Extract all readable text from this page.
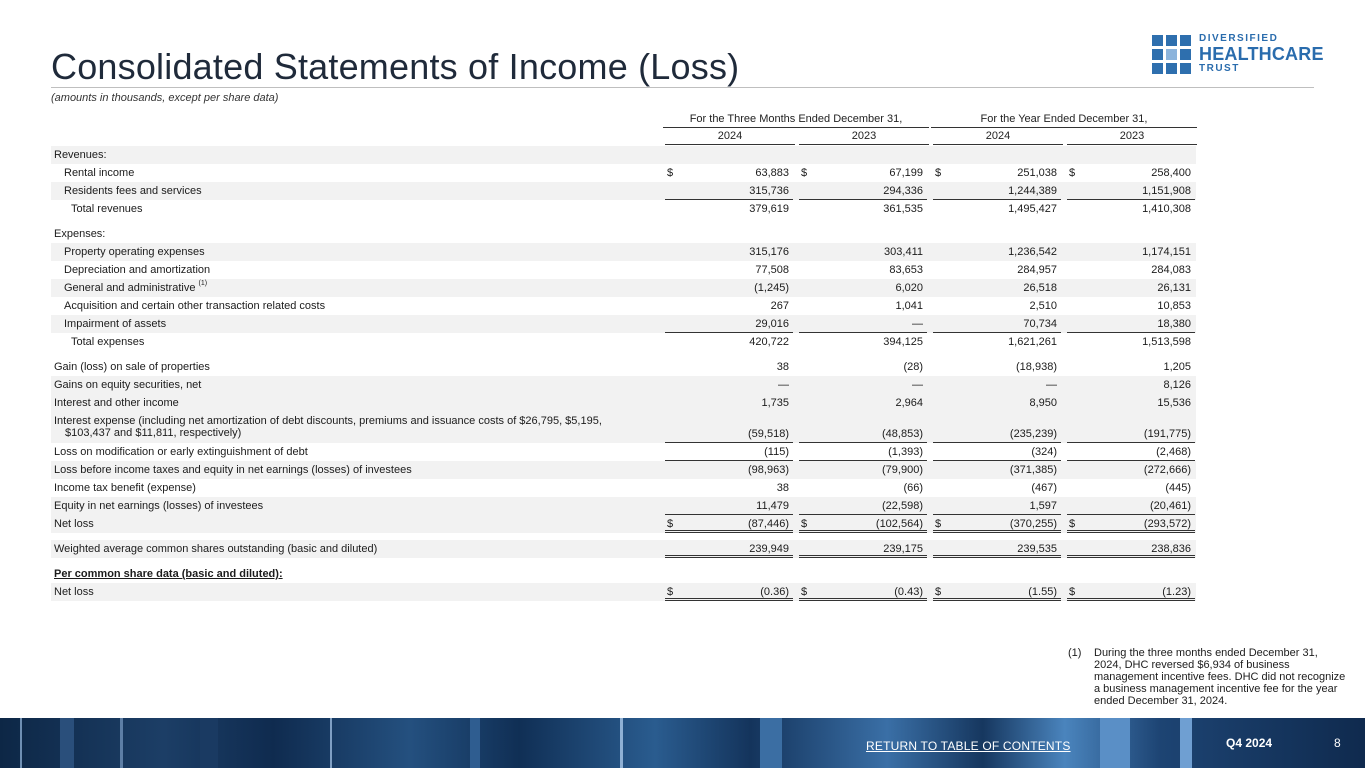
Consolidated Statements of Income (Loss)
(amounts in thousands, except per share data)
DIVERSIFIED
HEALTHCARE
TRUST
For the Three Months Ended December 31,	For the Year Ended December 31,
2024	2023	2024	2023
Revenues:
Rental income	$	63,883 $	67,199 $	251,038 $	258,400
Residents fees and services	315,736	294,336	1,244,389	1,151,908
Total revenues	379,619	361,535	1,495,427	1,410,308
Expenses:
Property operating expenses	315,176	303,411	1,236,542	1,174,151
Depreciation and amortization	77,508	83,653	284,957	284,083
General and administrative $^{(1)}$	(1,245)	6,020	26,518	26,131
Acquisition and certain other transaction related costs	267	1,041	2,510	10,853
Impairment of assets	29,016	—	70,734	18,380
Total expenses	420,722	394,125	1,621,261	1,513,598
Gain (loss) on sale of properties	38	(28)	(18,938)	1,205
Gains on equity securities, net	—	—	—	8,126
Interest and other income	1,735	2,964	8,950	15,536
Interest expense (including net amortization of debt discounts, premiums and issuance costs of $26,795, $5,195,
$103,437 and $11,811, respectively)	(59,518)	(48,853)	(235,239)	(191,775)
Loss on modification or early extinguishment of debt	(115)	(1,393)	(324)	(2,468)
Loss before income taxes and equity in net earnings (losses) of investees	(98,963)	(79,900)	(371,385)	(272,666)
Income tax benefit (expense)	38	(66)	(467)	(445)
Equity in net earnings (losses) of investees	11,479	(22,598)	1,597	(20,461)
Net loss	$	(87,446) $	(102,564) $	(370,255) $	(293,572)
Weighted average common shares outstanding (basic and diluted)	239,949	239,175	239,535	238,836
Per common share data (basic and diluted):
Net loss	$	(0.36) $	(0.43) $	(1.55) $	(1.23)
(1)	During the three months ended December 31, 2024, DHC reversed $6,934 of business management incentive fees. DHC did not recognize a business management incentive fee for the year ended December 31, 2024.
RETURN TO TABLE OF CONTENTS	Q4 2024	8
